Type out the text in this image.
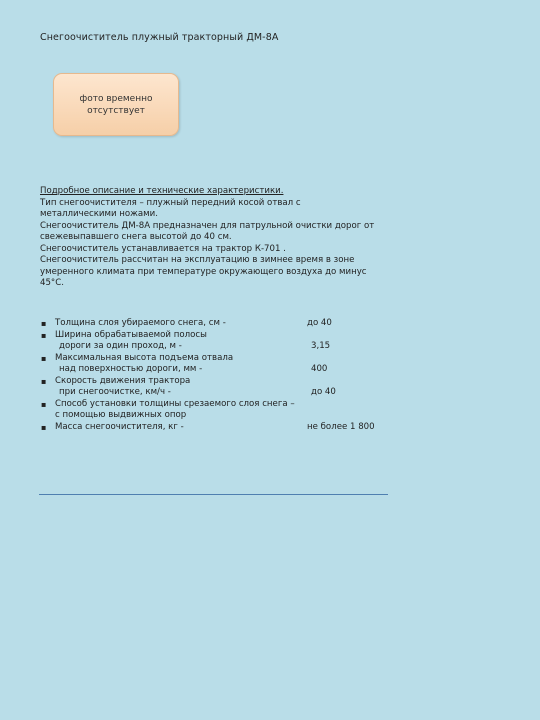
Снегоочиститель плужный тракторный ДМ-8А
фото временно
отсутствует

Подробное описание и технические характеристики.

Тип снегоочистителя – плужный передний косой отвал с

металлическими ножами.

Снегоочиститель ДМ-8А предназначен для патрульной очистки дорог от

свежевыпавшего снега высотой до 40 см.

Снегоочиститель устанавливается на трактор К-701 .

Снегоочиститель рассчитан на эксплуатацию в зимнее время в зоне

умеренного климата при температуре окружающего воздуха до минус

45°С.

▪ Толщина слоя убираемого снега, см -	до 40
▪ Ширина обрабатываемой полосы
дороги за один проход, м -	3,15
▪ Максимальная высота подъема отвала
над поверхностью дороги, мм -	400
▪ Скорость движения трактора
при снегоочистке, км/ч -	до 40
▪ Способ установки толщины срезаемого слоя снега –
с помощью выдвижных опор
▪ Масса снегоочистителя, кг -	не более 1 800
